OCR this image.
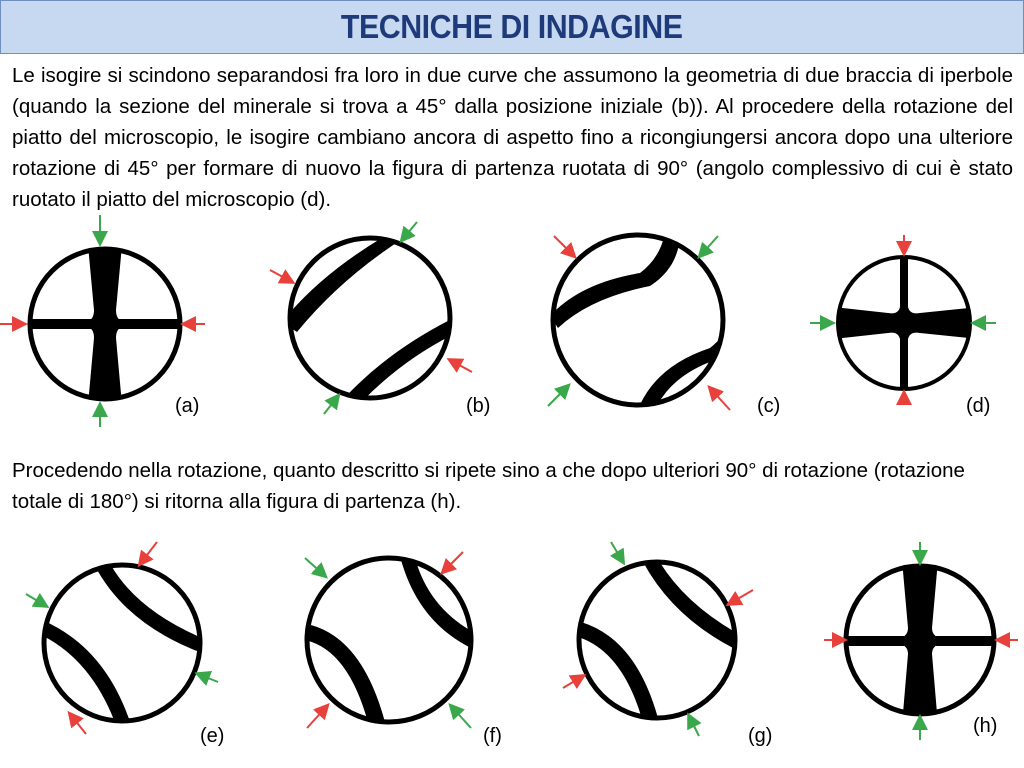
TECNICHE DI INDAGINE

Le isogire si scindono separandosi fra loro in due curve che assumono la geometria di due braccia di iperbole (quando la sezione del minerale si trova a 45° dalla posizione iniziale (b)). Al procedere della rotazione del piatto del microscopio, le isogire cambiano ancora di aspetto fino a ricongiungersi ancora dopo una ulteriore rotazione di 45° per formare di nuovo la figura di partenza ruotata di 90° (angolo complessivo di cui è stato ruotato il piatto del microscopio (d).

(a)	(b)	(c)	(d)

Procedendo nella rotazione, quanto descritto si ripete sino a che dopo ulteriori 90° di rotazione (rotazione totale di 180°) si ritorna alla figura di partenza (h).

(e)	(f)	(g)	(h)
